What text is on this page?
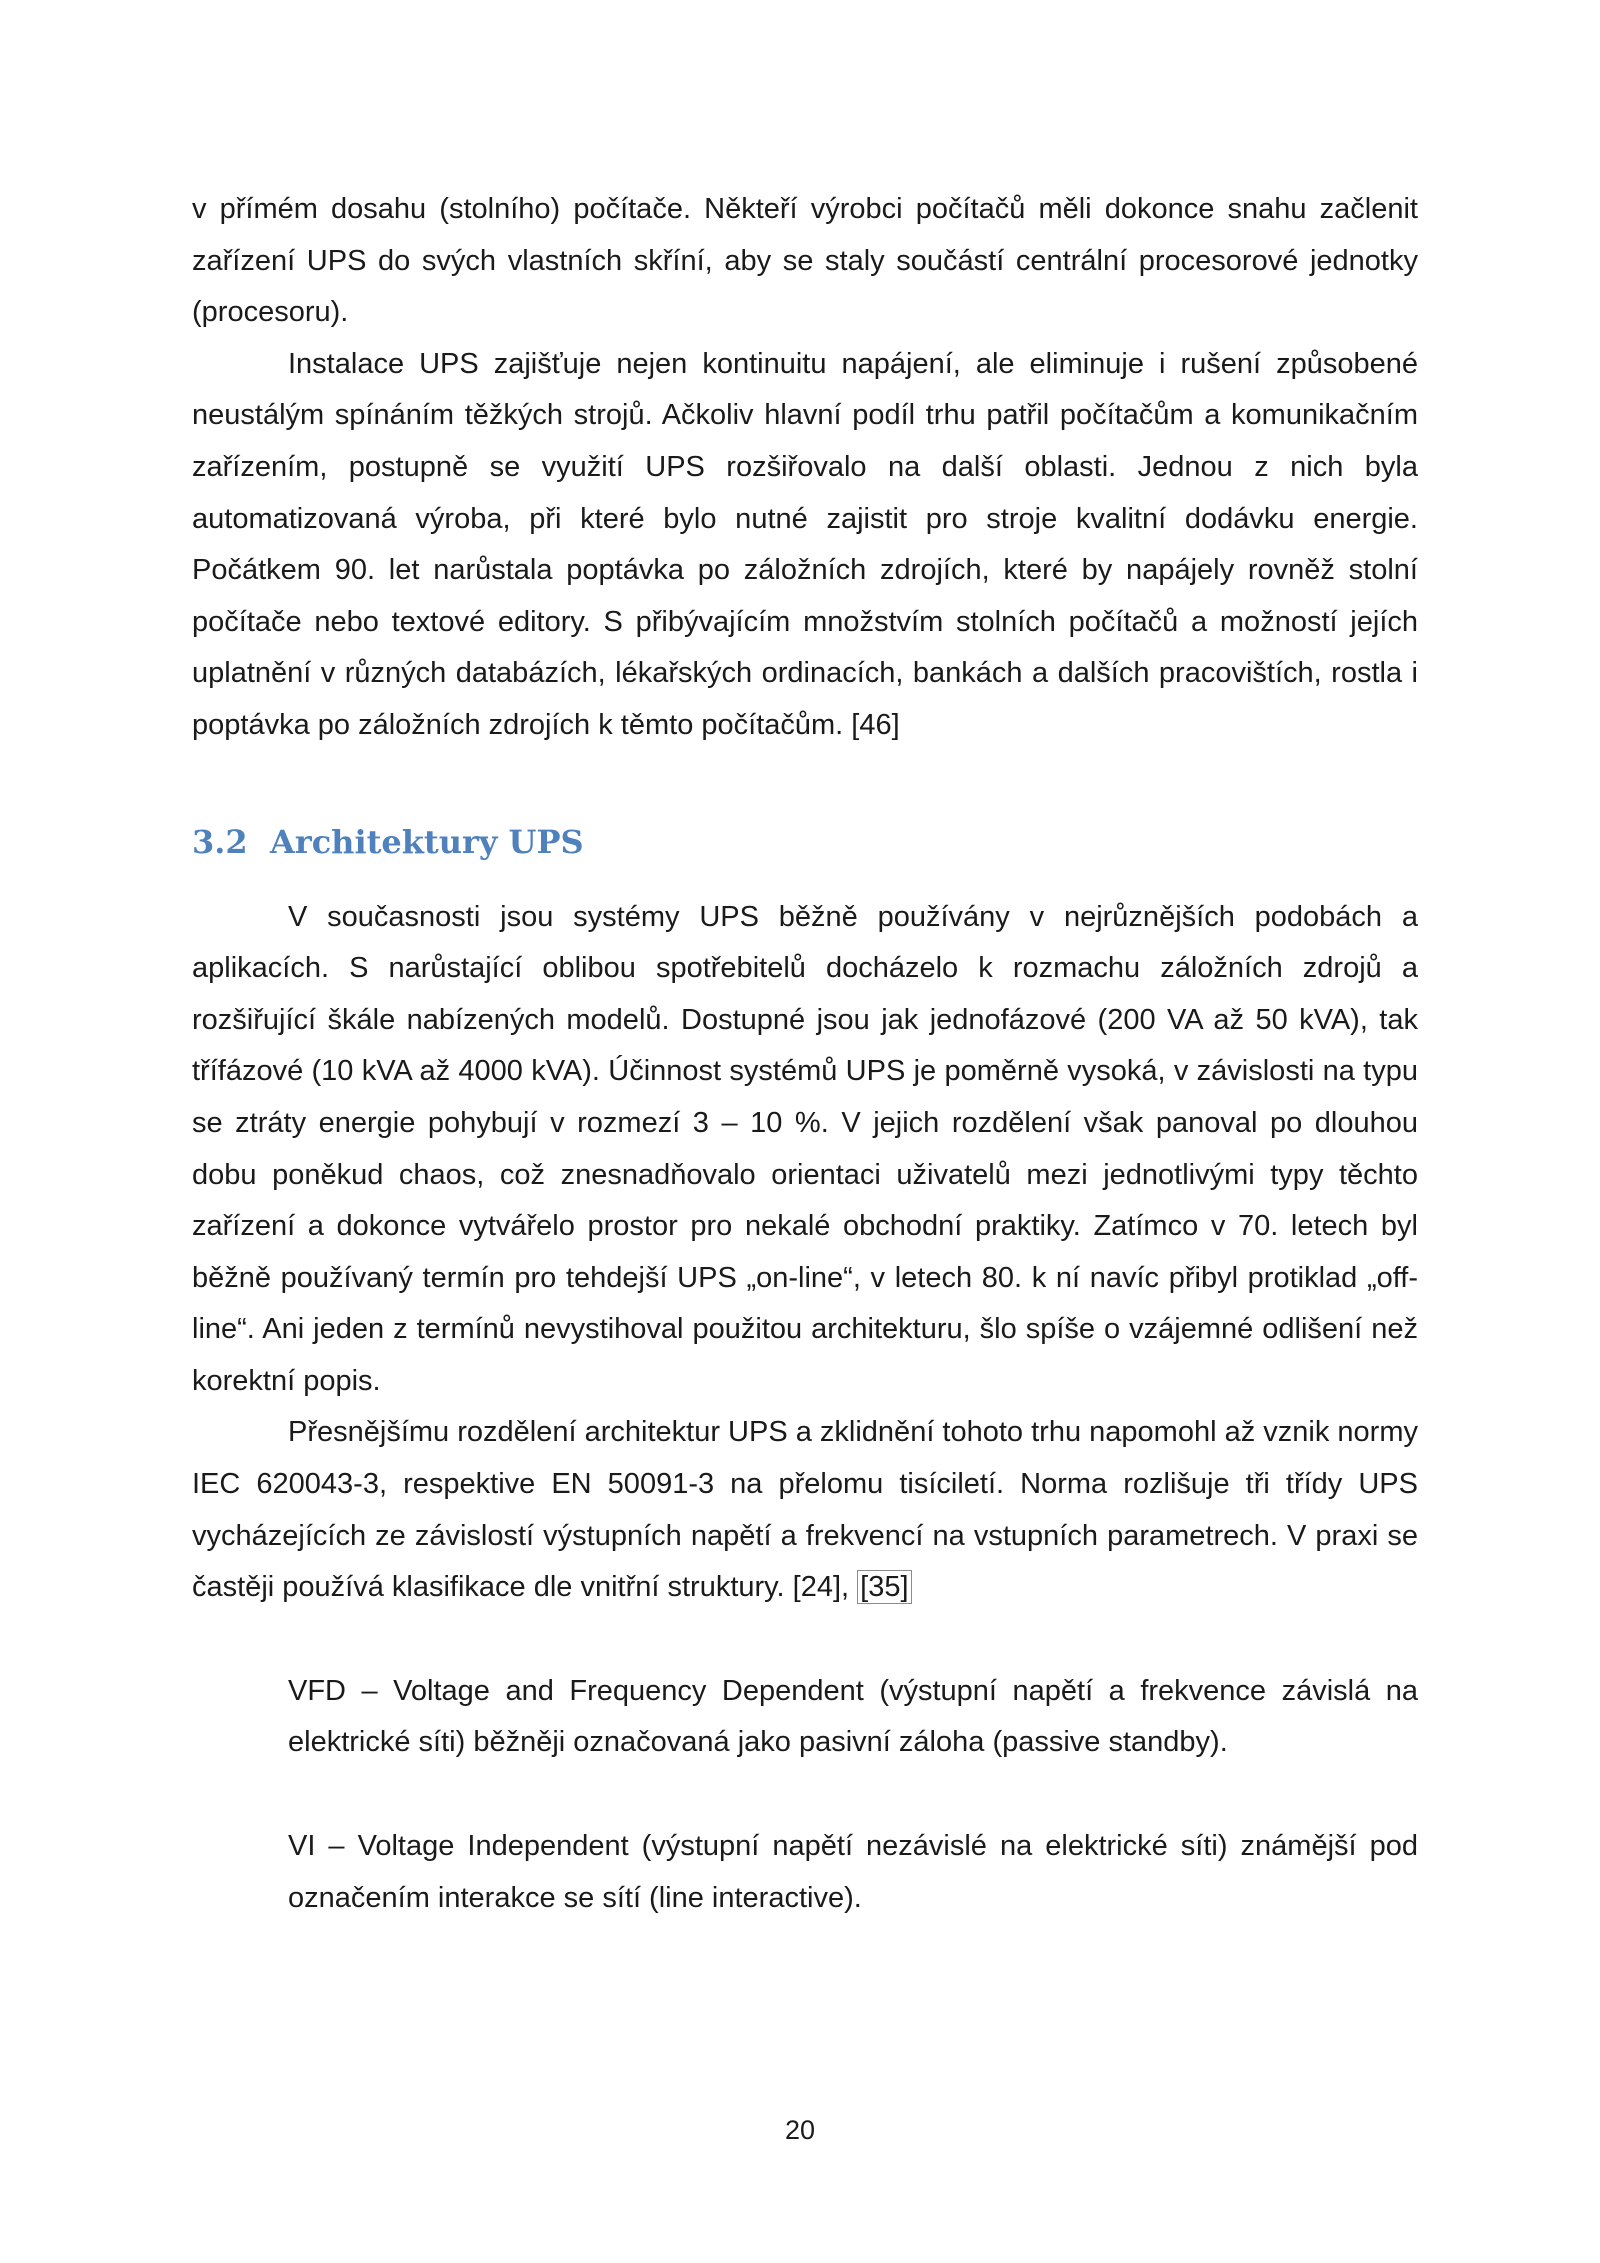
v přímém dosahu (stolního) počítače. Někteří výrobci počítačů měli dokonce snahu začlenit zařízení UPS do svých vlastních skříní, aby se staly součástí centrální procesorové jednotky (procesoru).

Instalace UPS zajišťuje nejen kontinuitu napájení, ale eliminuje i rušení způsobené neustálým spínáním těžkých strojů. Ačkoliv hlavní podíl trhu patřil počítačům a komunikačním zařízením, postupně se využití UPS rozšiřovalo na další oblasti. Jednou z nich byla automatizovaná výroba, při které bylo nutné zajistit pro stroje kvalitní dodávku energie. Počátkem 90. let narůstala poptávka po záložních zdrojích, které by napájely rovněž stolní počítače nebo textové editory. S přibývajícím množstvím stolních počítačů a možností jejích uplatnění v různých databázích, lékařských ordinacích, bankách a dalších pracovištích, rostla i poptávka po záložních zdrojích k těmto počítačům. [46]

3.2 Architektury UPS

V současnosti jsou systémy UPS běžně používány v nejrůznějších podobách a aplikacích. S narůstající oblibou spotřebitelů docházelo k rozmachu záložních zdrojů a rozšiřující škále nabízených modelů. Dostupné jsou jak jednofázové (200 VA až 50 kVA), tak třífázové (10 kVA až 4000 kVA). Účinnost systémů UPS je poměrně vysoká, v závislosti na typu se ztráty energie pohybují v rozmezí 3 – 10 %. V jejich rozdělení však panoval po dlouhou dobu poněkud chaos, což znesnadňovalo orientaci uživatelů mezi jednotlivými typy těchto zařízení a dokonce vytvářelo prostor pro nekalé obchodní praktiky. Zatímco v 70. letech byl běžně používaný termín pro tehdejší UPS „on-line“, v letech 80. k ní navíc přibyl protiklad „off-line“. Ani jeden z termínů nevystihoval použitou architekturu, šlo spíše o vzájemné odlišení než korektní popis.

Přesnějšímu rozdělení architektur UPS a zklidnění tohoto trhu napomohl až vznik normy IEC 620043-3, respektive EN 50091-3 na přelomu tisíciletí. Norma rozlišuje tři třídy UPS vycházejících ze závislostí výstupních napětí a frekvencí na vstupních parametrech. V praxi se častěji používá klasifikace dle vnitřní struktury. [24], [35]

VFD – Voltage and Frequency Dependent (výstupní napětí a frekvence závislá na elektrické síti) běžněji označovaná jako pasivní záloha (passive standby).

VI – Voltage Independent (výstupní napětí nezávislé na elektrické síti) známější pod označením interakce se sítí (line interactive).

20
